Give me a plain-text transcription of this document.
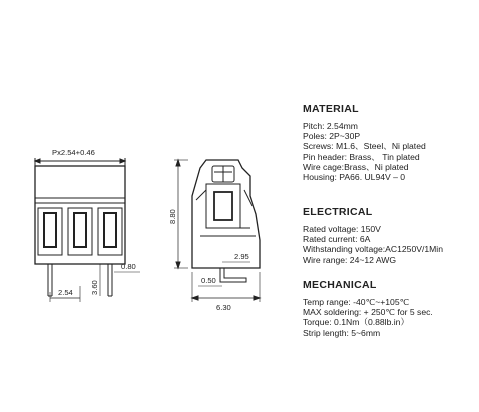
Px2.54+0.46
2.54 3.60
0.80
8.80
2.95
0.50
6.30
MATERIAL
Pitch: 2.54mm
Poles: 2P~30P
Screws: M1.6、Steel、Ni plated
Pin header: Brass、 Tin plated
Wire cage:Brass、Ni plated
Housing: PA66. UL94V – 0
ELECTRICAL
Rated voltage: 150V
Rated current: 6A
Withstanding voltage:AC1250V/1Min
Wire range: 24~12 AWG
MECHANICAL
Temp range: -40℃~+105℃
MAX soldering: + 250℃ for 5 sec.
Torque: 0.1Nm（0.88lb.in）
Strip length: 5~6mm
